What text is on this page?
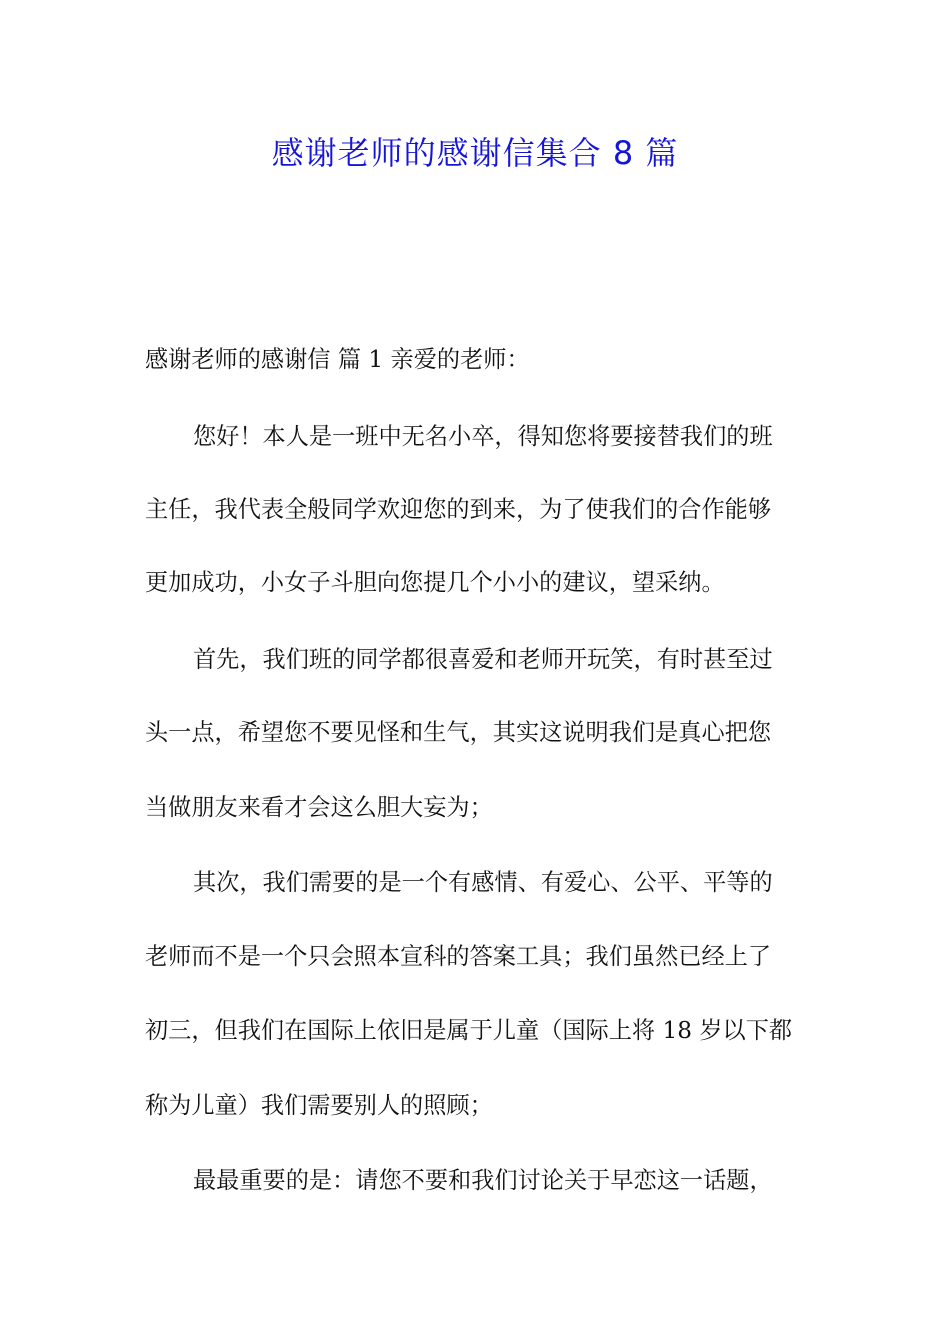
感谢老师的感谢信集合 8 篇
感谢老师的感谢信 篇 1 亲爱的老师：
您好！本人是一班中无名小卒，得知您将要接替我们的班
主任，我代表全般同学欢迎您的到来，为了使我们的合作能够
更加成功，小女子斗胆向您提几个小小的建议，望采纳。
首先，我们班的同学都很喜爱和老师开玩笑，有时甚至过
头一点，希望您不要见怪和生气，其实这说明我们是真心把您
当做朋友来看才会这么胆大妄为；
其次，我们需要的是一个有感情、有爱心、公平、平等的
老师而不是一个只会照本宣科的答案工具；我们虽然已经上了
初三，但我们在国际上依旧是属于儿童（国际上将 18 岁以下都
称为儿童）我们需要别人的照顾；
最最重要的是：请您不要和我们讨论关于早恋这一话题，
